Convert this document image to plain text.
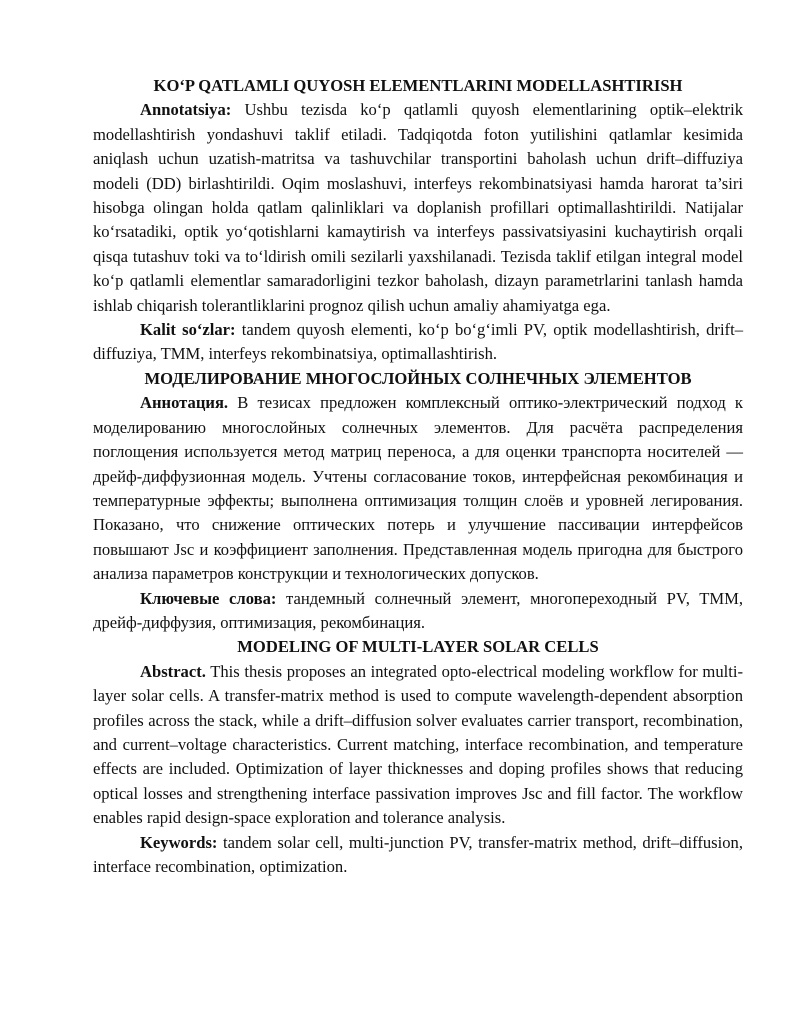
KO‘P QATLAMLI QUYOSH ELEMENTLARINI MODELLASHTIRISH

Annotatsiya: Ushbu tezisda ko‘p qatlamli quyosh elementlarining optik–elektrik modellashtirish yondashuvi taklif etiladi. Tadqiqotda foton yutilishini qatlamlar kesimida aniqlash uchun uzatish-matritsa va tashuvchilar transportini baholash uchun drift–diffuziya modeli (DD) birlashtirildi. Oqim moslashuvi, interfeys rekombinatsiyasi hamda harorat ta’siri hisobga olingan holda qatlam qalinliklari va doplanish profillari optimallashtirildi. Natijalar ko‘rsatadiki, optik yo‘qotishlarni kamaytirish va interfeys passivatsiyasini kuchaytirish orqali qisqa tutashuv toki va to‘ldirish omili sezilarli yaxshilanadi. Tezisda taklif etilgan integral model ko‘p qatlamli elementlar samaradorligini tezkor baholash, dizayn parametrlarini tanlash hamda ishlab chiqarish tolerantliklarini prognoz qilish uchun amaliy ahamiyatga ega.

Kalit so‘zlar: tandem quyosh elementi, ko‘p bo‘g‘imli PV, optik modellashtirish, drift–diffuziya, TMM, interfeys rekombinatsiya, optimallashtirish.

МОДЕЛИРОВАНИЕ МНОГОСЛОЙНЫХ СОЛНЕЧНЫХ ЭЛЕМЕНТОВ

Аннотация. В тезисах предложен комплексный оптико-электрический подход к моделированию многослойных солнечных элементов. Для расчёта распределения поглощения используется метод матриц переноса, а для оценки транспорта носителей — дрейф-диффузионная модель. Учтены согласование токов, интерфейсная рекомбинация и температурные эффекты; выполнена оптимизация толщин слоёв и уровней легирования. Показано, что снижение оптических потерь и улучшение пассивации интерфейсов повышают Jsc и коэффициент заполнения. Представленная модель пригодна для быстрого анализа параметров конструкции и технологических допусков.

Ключевые слова: тандемный солнечный элемент, многопереходный PV, TMM, дрейф-диффузия, оптимизация, рекомбинация.

MODELING OF MULTI-LAYER SOLAR CELLS

Abstract. This thesis proposes an integrated opto-electrical modeling workflow for multi-layer solar cells. A transfer-matrix method is used to compute wavelength-dependent absorption profiles across the stack, while a drift–diffusion solver evaluates carrier transport, recombination, and current–voltage characteristics. Current matching, interface recombination, and temperature effects are included. Optimization of layer thicknesses and doping profiles shows that reducing optical losses and strengthening interface passivation improves Jsc and fill factor. The workflow enables rapid design-space exploration and tolerance analysis.

Keywords: tandem solar cell, multi-junction PV, transfer-matrix method, drift–diffusion, interface recombination, optimization.
